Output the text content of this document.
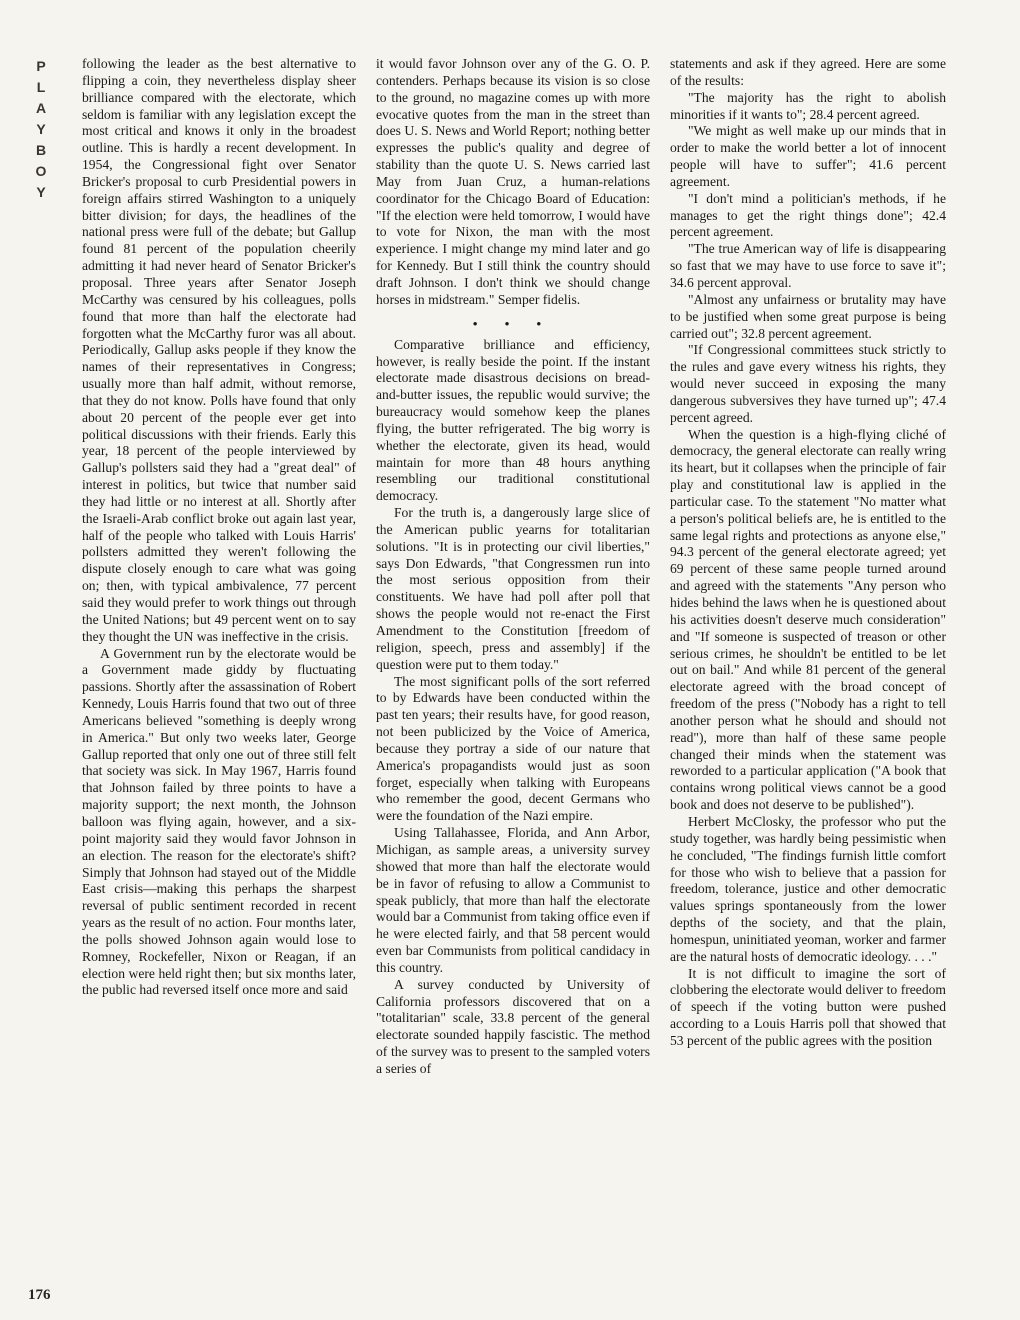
P
L
A
Y
B
O
Y
176

following the leader as the best alternative to flipping a coin, they nevertheless display sheer brilliance compared with the electorate, which seldom is familiar with any legislation except the most critical and knows it only in the broadest outline. This is hardly a recent development. In 1954, the Congressional fight over Senator Bricker's proposal to curb Presidential powers in foreign affairs stirred Washington to a uniquely bitter division; for days, the headlines of the national press were full of the debate; but Gallup found 81 percent of the population cheerily admitting it had never heard of Senator Bricker's proposal. Three years after Senator Joseph McCarthy was censured by his colleagues, polls found that more than half the electorate had forgotten what the McCarthy furor was all about. Periodically, Gallup asks people if they know the names of their representatives in Congress; usually more than half admit, without remorse, that they do not know. Polls have found that only about 20 percent of the people ever get into political discussions with their friends. Early this year, 18 percent of the people interviewed by Gallup's pollsters said they had a "great deal" of interest in politics, but twice that number said they had little or no interest at all. Shortly after the Israeli-Arab conflict broke out again last year, half of the people who talked with Louis Harris' pollsters admitted they weren't following the dispute closely enough to care what was going on; then, with typical ambivalence, 77 percent said they would prefer to work things out through the United Nations; but 49 percent went on to say they thought the UN was ineffective in the crisis.

A Government run by the electorate would be a Government made giddy by fluctuating passions. Shortly after the assassination of Robert Kennedy, Louis Harris found that two out of three Americans believed "something is deeply wrong in America." But only two weeks later, George Gallup reported that only one out of three still felt that society was sick. In May 1967, Harris found that Johnson failed by three points to have a majority support; the next month, the Johnson balloon was flying again, however, and a six-point majority said they would favor Johnson in an election. The reason for the electorate's shift? Simply that Johnson had stayed out of the Middle East crisis—making this perhaps the sharpest reversal of public sentiment recorded in recent years as the result of no action. Four months later, the polls showed Johnson again would lose to Romney, Rockefeller, Nixon or Reagan, if an election were held right then; but six months later, the public had reversed itself once more and said

it would favor Johnson over any of the G. O. P. contenders. Perhaps because its vision is so close to the ground, no magazine comes up with more evocative quotes from the man in the street than does U. S. News and World Report; nothing better expresses the public's quality and degree of stability than the quote U. S. News carried last May from Juan Cruz, a human-relations coordinator for the Chicago Board of Education: "If the election were held tomorrow, I would have to vote for Nixon, the man with the most experience. I might change my mind later and go for Kennedy. But I still think the country should draft Johnson. I don't think we should change horses in midstream." Semper fidelis.

• • •

Comparative brilliance and efficiency, however, is really beside the point. If the instant electorate made disastrous decisions on bread-and-butter issues, the republic would survive; the bureaucracy would somehow keep the planes flying, the butter refrigerated. The big worry is whether the electorate, given its head, would maintain for more than 48 hours anything resembling our traditional constitutional democracy.

For the truth is, a dangerously large slice of the American public yearns for totalitarian solutions. "It is in protecting our civil liberties," says Don Edwards, "that Congressmen run into the most serious opposition from their constituents. We have had poll after poll that shows the people would not re-enact the First Amendment to the Constitution [freedom of religion, speech, press and assembly] if the question were put to them today."

The most significant polls of the sort referred to by Edwards have been conducted within the past ten years; their results have, for good reason, not been publicized by the Voice of America, because they portray a side of our nature that America's propagandists would just as soon forget, especially when talking with Europeans who remember the good, decent Germans who were the foundation of the Nazi empire.

Using Tallahassee, Florida, and Ann Arbor, Michigan, as sample areas, a university survey showed that more than half the electorate would be in favor of refusing to allow a Communist to speak publicly, that more than half the electorate would bar a Communist from taking office even if he were elected fairly, and that 58 percent would even bar Communists from political candidacy in this country.

A survey conducted by University of California professors discovered that on a "totalitarian" scale, 33.8 percent of the general electorate sounded happily fascistic. The method of the survey was to present to the sampled voters a series of

statements and ask if they agreed. Here are some of the results:

"The majority has the right to abolish minorities if it wants to"; 28.4 percent agreed.

"We might as well make up our minds that in order to make the world better a lot of innocent people will have to suffer"; 41.6 percent agreement.

"I don't mind a politician's methods, if he manages to get the right things done"; 42.4 percent agreement.

"The true American way of life is disappearing so fast that we may have to use force to save it"; 34.6 percent approval.

"Almost any unfairness or brutality may have to be justified when some great purpose is being carried out"; 32.8 percent agreement.

"If Congressional committees stuck strictly to the rules and gave every witness his rights, they would never succeed in exposing the many dangerous subversives they have turned up"; 47.4 percent agreed.

When the question is a high-flying cliché of democracy, the general electorate can really wring its heart, but it collapses when the principle of fair play and constitutional law is applied in the particular case. To the statement "No matter what a person's political beliefs are, he is entitled to the same legal rights and protections as anyone else," 94.3 percent of the general electorate agreed; yet 69 percent of these same people turned around and agreed with the statements "Any person who hides behind the laws when he is questioned about his activities doesn't deserve much consideration" and "If someone is suspected of treason or other serious crimes, he shouldn't be entitled to be let out on bail." And while 81 percent of the general electorate agreed with the broad concept of freedom of the press ("Nobody has a right to tell another person what he should and should not read"), more than half of these same people changed their minds when the statement was reworded to a particular application ("A book that contains wrong political views cannot be a good book and does not deserve to be published").

Herbert McClosky, the professor who put the study together, was hardly being pessimistic when he concluded, "The findings furnish little comfort for those who wish to believe that a passion for freedom, tolerance, justice and other democratic values springs spontaneously from the lower depths of the society, and that the plain, homespun, uninitiated yeoman, worker and farmer are the natural hosts of democratic ideology. . . ."

It is not difficult to imagine the sort of clobbering the electorate would deliver to freedom of speech if the voting button were pushed according to a Louis Harris poll that showed that 53 percent of the public agrees with the position
